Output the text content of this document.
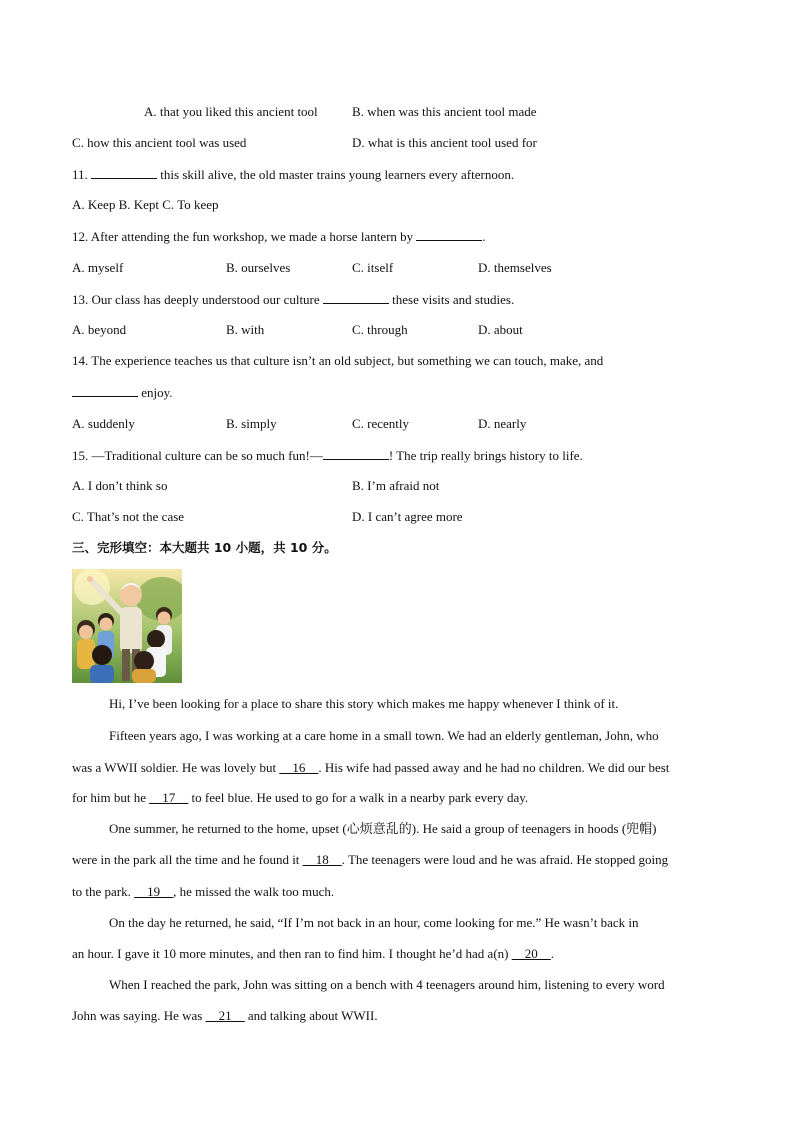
A. that you liked this ancient tool	B. when was this ancient tool made
C. how this ancient tool was used	D. what is this ancient tool used for
11.	this skill alive, the old master trains young learners every afternoon.
A. Keep B. Kept C. To keep
12. After attending the fun workshop, we made a horse lantern by	.
A. myself	B. ourselves	C. itself	D. themselves
13. Our class has deeply understood our culture	these visits and studies.
A. beyond	B. with	C. through	D. about
14. The experience teaches us that culture isn’t an old subject, but something we can touch, make, and
enjoy.
A. suddenly	B. simply	C. recently	D. nearly
15. —Traditional culture can be so much fun!—	! The trip really brings history to life.
A. I don’t think so	B. I’m afraid not
C. That’s not the case	D. I can’t agree more
三、完形填空：本大题共 10 小题，共 10 分。
Hi, I’ve been looking for a place to share this story which makes me happy whenever I think of it.
Fifteen years ago, I was working at a care home in a small town. We had an elderly gentleman, John, who
was a WWII soldier. He was lovely but __16__. His wife had passed away and he had no children. We did our best
for him but he __17__ to feel blue. He used to go for a walk in a nearby park every day.
One summer, he returned to the home, upset (心烦意乱的). He said a group of teenagers in hoods (兜帽)
were in the park all the time and he found it __18__. The teenagers were loud and he was afraid. He stopped going
to the park. __19__, he missed the walk too much.
On the day he returned, he said, “If I’m not back in an hour, come looking for me.” He wasn’t back in
an hour. I gave it 10 more minutes, and then ran to find him. I thought he’d had a(n) __20__.
When I reached the park, John was sitting on a bench with 4 teenagers around him, listening to every word
John was saying. He was __21__ and talking about WWII.
